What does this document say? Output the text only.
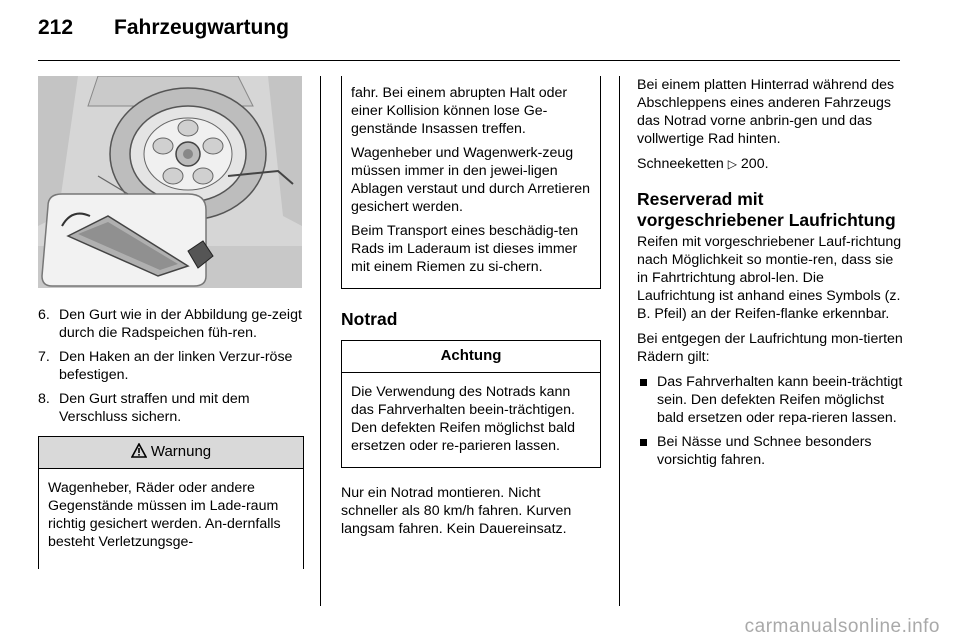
212 Fahrzeugwartung
6. Den Gurt wie in der Abbildung ge-zeigt durch die Radspeichen füh-ren.
7. Den Haken an der linken Verzur-röse befestigen.
8. Den Gurt straffen und mit dem Verschluss sichern.
Warnung

Wagenheber, Räder oder andere Gegenstände müssen im Lade-raum richtig gesichert werden. An-dernfalls besteht Verletzungsge-

fahr. Bei einem abrupten Halt oder einer Kollision können lose Ge-genstände Insassen treffen.

Wagenheber und Wagenwerk-zeug müssen immer in den jewei-ligen Ablagen verstaut und durch Arretieren gesichert werden.

Beim Transport eines beschädig-ten Rads im Laderaum ist dieses immer mit einem Riemen zu si-chern.

Notrad
Achtung

Die Verwendung des Notrads kann das Fahrverhalten beein-trächtigen. Den defekten Reifen möglichst bald ersetzen oder re-parieren lassen.

Nur ein Notrad montieren. Nicht schneller als 80 km/h fahren. Kurven langsam fahren. Kein Dauereinsatz.

Bei einem platten Hinterrad während des Abschleppens eines anderen Fahrzeugs das Notrad vorne anbrin-gen und das vollwertige Rad hinten.

Schneeketten ▷ 200.

Reserverad mit vorgeschriebener Laufrichtung

Reifen mit vorgeschriebener Lauf-richtung nach Möglichkeit so montie-ren, dass sie in Fahrtrichtung abrol-len. Die Laufrichtung ist anhand eines Symbols (z. B. Pfeil) an der Reifen-flanke erkennbar.

Bei entgegen der Laufrichtung mon-tierten Rädern gilt:

Das Fahrverhalten kann beein-trächtigt sein. Den defekten Reifen möglichst bald ersetzen oder repa-rieren lassen.
Bei Nässe und Schnee besonders vorsichtig fahren.
carmanualsonline.info
